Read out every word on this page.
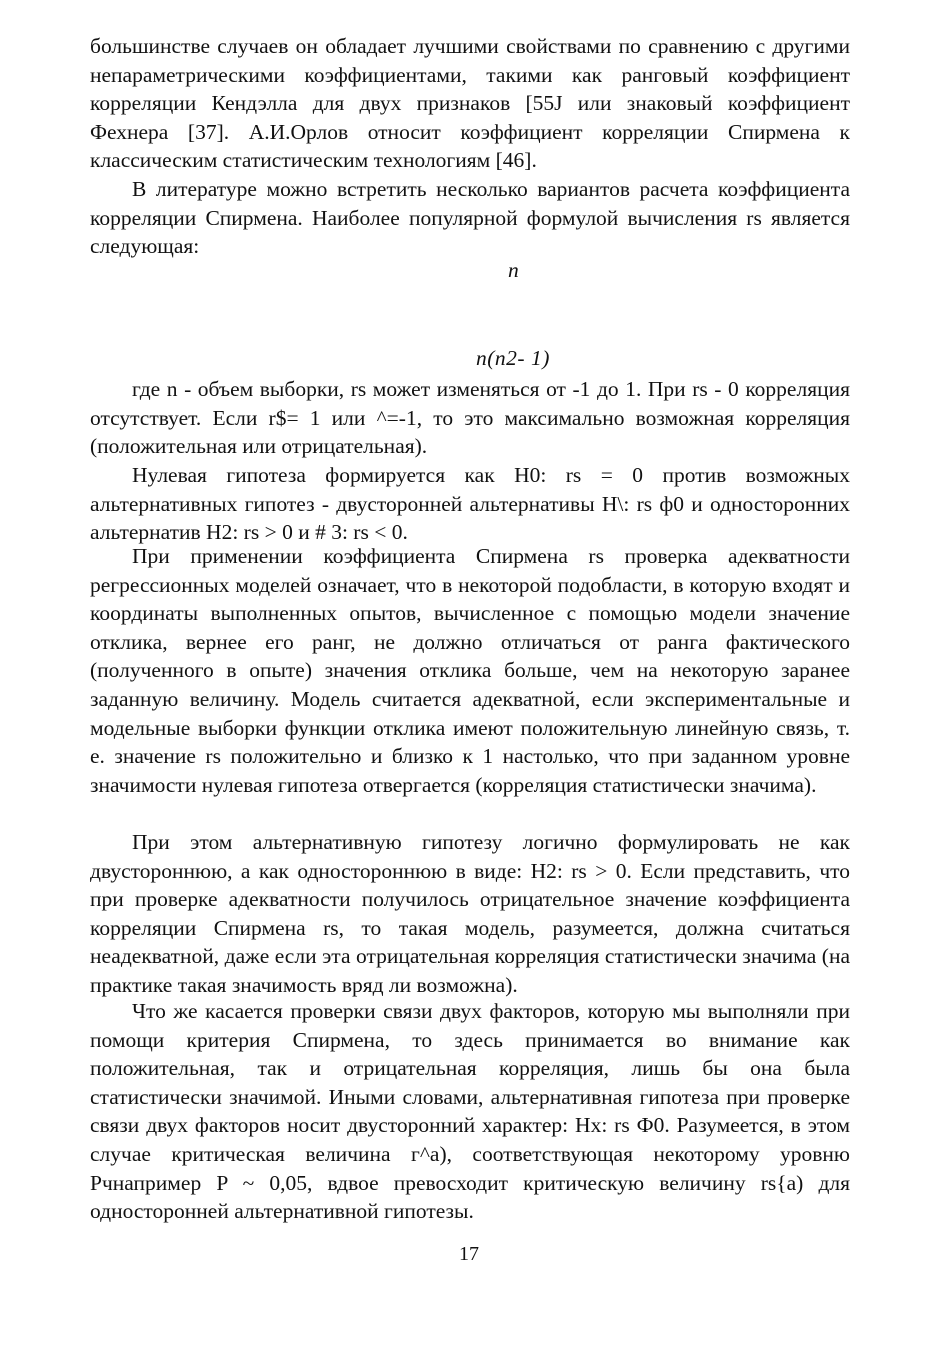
большинстве случаев он обладает лучшими свойствами по сравнению с другими непараметрическими коэффициентами, такими как ранговый коэффициент корреляции Кендэлла для двух признаков [55J или знаковый коэффициент Фехнера [37]. А.И.Орлов относит коэффициент корреляции Спирмена к классическим статистическим технологиям [46].

В литературе можно встретить несколько вариантов расчета коэффициента корреляции Спирмена. Наиболее популярной формулой вычисления rs является следующая:

n
n(n2- 1)

где n - объем выборки, rs может изменяться от -1 до 1. При rs - 0 корреляция отсутствует. Если r$= 1 или ^=-1, то это максимально возможная корреляция (положительная или отрицательная).

Нулевая гипотеза формируется как H0: rs = 0 против возможных альтернативных гипотез - двусторонней альтернативы H\: rs ф0 и односторонних альтернатив H2: rs > 0 и # 3: rs < 0.

При применении коэффициента Спирмена rs проверка адекватности регрессионных моделей означает, что в некоторой подобласти, в которую входят и координаты выполненных опытов, вычисленное с помощью модели значение отклика, вернее его ранг, не должно отличаться от ранга фактического (полученного в опыте) значения отклика больше, чем на некоторую заранее заданную величину. Модель считается адекватной, если экспериментальные и модельные выборки функции отклика имеют положительную линейную связь, т. е. значение rs положительно и близко к 1 настолько, что при заданном уровне значимости нулевая гипотеза отвергается (корреляция статистически значима).

При этом альтернативную гипотезу логично формулировать не как двустороннюю, а как одностороннюю в виде: H2: rs > 0. Если представить, что при проверке адекватности получилось отрицательное значение коэффициента корреляции Спирмена rs, то такая модель, разумеется, должна считаться неадекватной, даже если эта отрицательная корреляция статистически значима (на практике такая значимость вряд ли возможна).

Что же касается проверки связи двух факторов, которую мы выполняли при помощи критерия Спирмена, то здесь принимается во внимание как положительная, так и отрицательная корреляция, лишь бы она была статистически значимой. Иными словами, альтернативная гипотеза при проверке связи двух факторов носит двусторонний характер: Hx: rs Ф0. Разумеется, в этом случае критическая величина г^а), соответствующая некоторому уровню Рчнапример P ~ 0,05, вдвое превосходит критическую величину rs{a) для односторонней альтернативной гипотезы.

17
